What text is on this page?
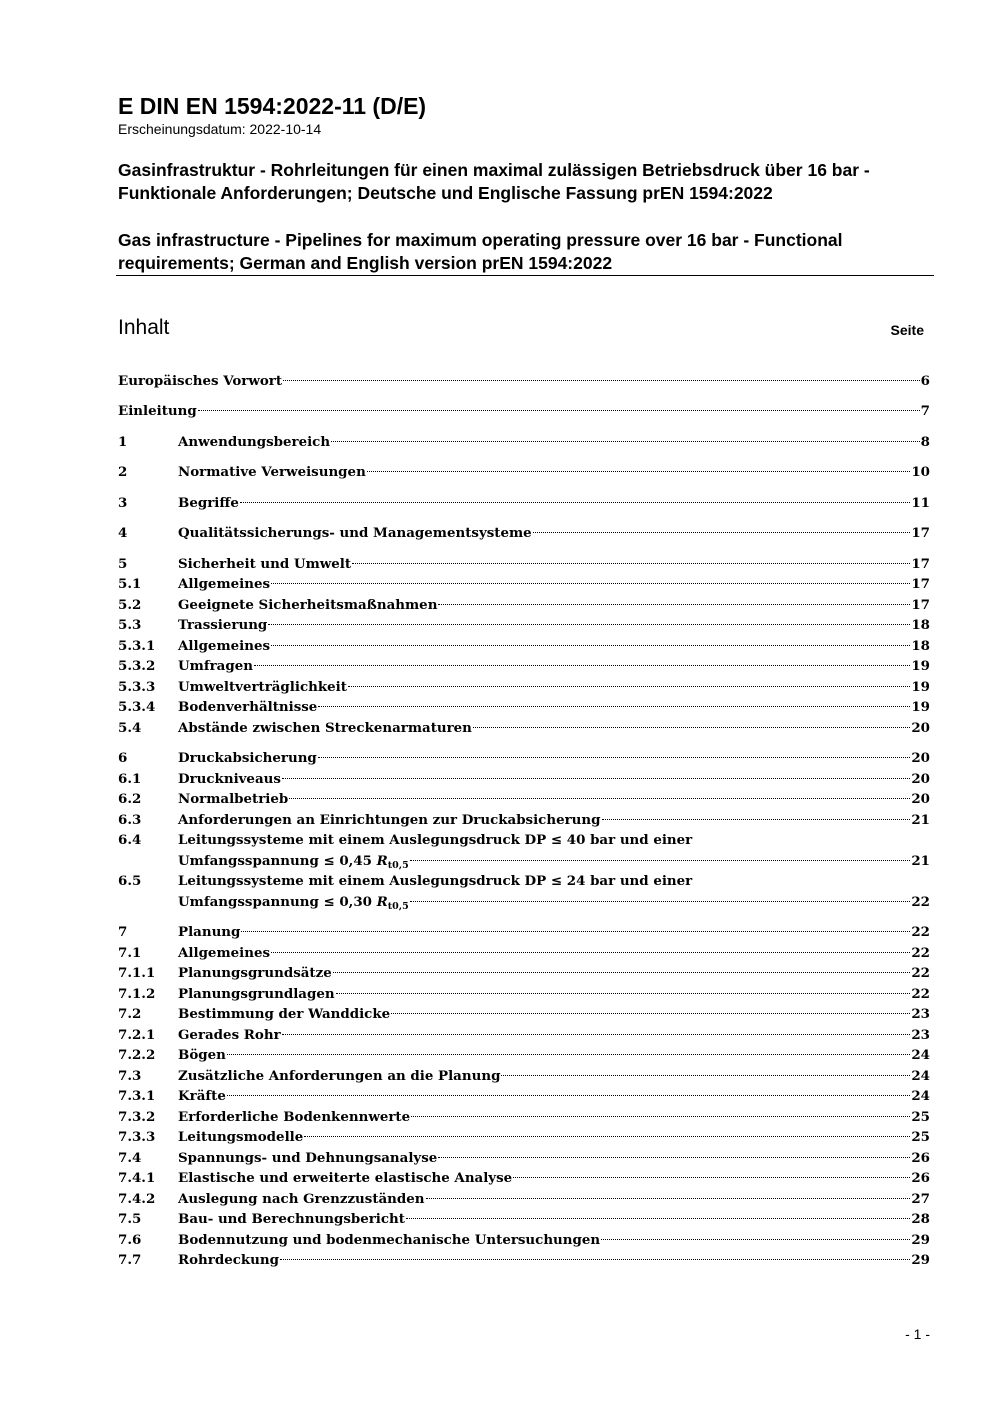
E DIN EN 1594:2022-11 (D/E)
Erscheinungsdatum: 2022-10-14
Gasinfrastruktur - Rohrleitungen für einen maximal zulässigen Betriebsdruck über 16 bar - Funktionale Anforderungen; Deutsche und Englische Fassung prEN 1594:2022
Gas infrastructure - Pipelines for maximum operating pressure over 16 bar - Functional requirements; German and English version prEN 1594:2022
Inhalt	Seite
Europäisches Vorwort	6
Einleitung	7
1	Anwendungsbereich	8
2	Normative Verweisungen	10
3	Begriffe	11
4	Qualitätssicherungs- und Managementsysteme	17
5	Sicherheit und Umwelt	17
5.1	Allgemeines	17
5.2	Geeignete Sicherheitsmaßnahmen	17
5.3	Trassierung	18
5.3.1 Allgemeines	18
5.3.2 Umfragen	19
5.3.3 Umweltverträglichkeit	19
5.3.4 Bodenverhältnisse	19
5.4	Abstände zwischen Streckenarmaturen	20
6	Druckabsicherung	20
6.1	Druckniveaus	20
6.2	Normalbetrieb	20
6.3	Anforderungen an Einrichtungen zur Druckabsicherung	21
6.4	Leitungssysteme mit einem Auslegungsdruck DP ≤ 40 bar und einer
Umfangsspannung ≤ 0,45 $R_{t0,5}$	21
6.5	Leitungssysteme mit einem Auslegungsdruck DP ≤ 24 bar und einer
Umfangsspannung ≤ 0,30 $R_{t0,5}$	22
7	Planung	22
7.1	Allgemeines	22
7.1.1 Planungsgrundsätze	22
7.1.2 Planungsgrundlagen	22
7.2	Bestimmung der Wanddicke	23
7.2.1 Gerades Rohr	23
7.2.2 Bögen	24
7.3	Zusätzliche Anforderungen an die Planung	24
7.3.1 Kräfte	24
7.3.2 Erforderliche Bodenkennwerte	25
7.3.3 Leitungsmodelle	25
7.4	Spannungs- und Dehnungsanalyse	26
7.4.1 Elastische und erweiterte elastische Analyse	26
7.4.2 Auslegung nach Grenzzuständen	27
7.5	Bau- und Berechnungsbericht	28
7.6	Bodennutzung und bodenmechanische Untersuchungen	29
7.7	Rohrdeckung	29
- 1 -
